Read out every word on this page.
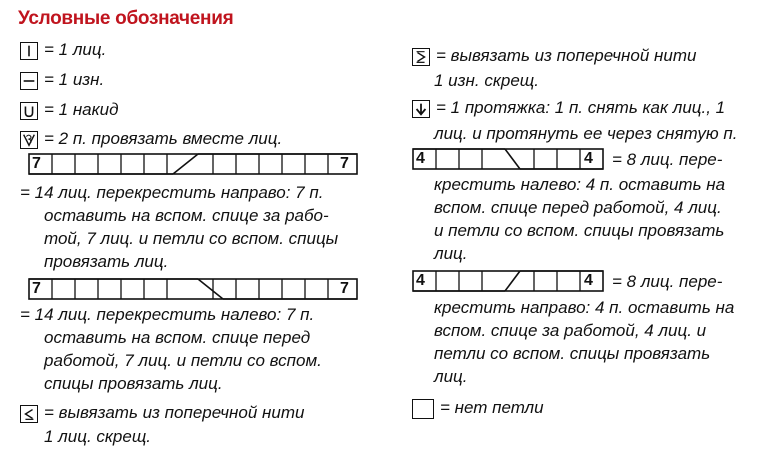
Условные обозначения
= 1 лиц.
= 1 изн.
= 1 накид
= 2 п. провязать вместе лиц.
7	7
= 14 лиц. перекрестить направо: 7 п.
оставить на вспом. спице за рабо-
той, 7 лиц. и петли со вспом. спицы
провязать лиц.
7	7
= 14 лиц. перекрестить налево: 7 п.
оставить на вспом. спице перед
работой, 7 лиц. и петли со вспом.
спицы провязать лиц.
= вывязать из поперечной нити
1 лиц. скрещ.
= вывязать из поперечной нити
1 изн. скрещ.
= 1 протяжка: 1 п. снять как лиц., 1
лиц. и протянуть ее через снятую п.
4	4 = 8 лиц. пере-
крестить налево: 4 п. оставить на
вспом. спице перед работой, 4 лиц.
и петли со вспом. спицы провязать
лиц.
4	4 = 8 лиц. пере-
крестить направо: 4 п. оставить на
вспом. спице за работой, 4 лиц. и
петли со вспом. спицы провязать
лиц.
= нет петли
